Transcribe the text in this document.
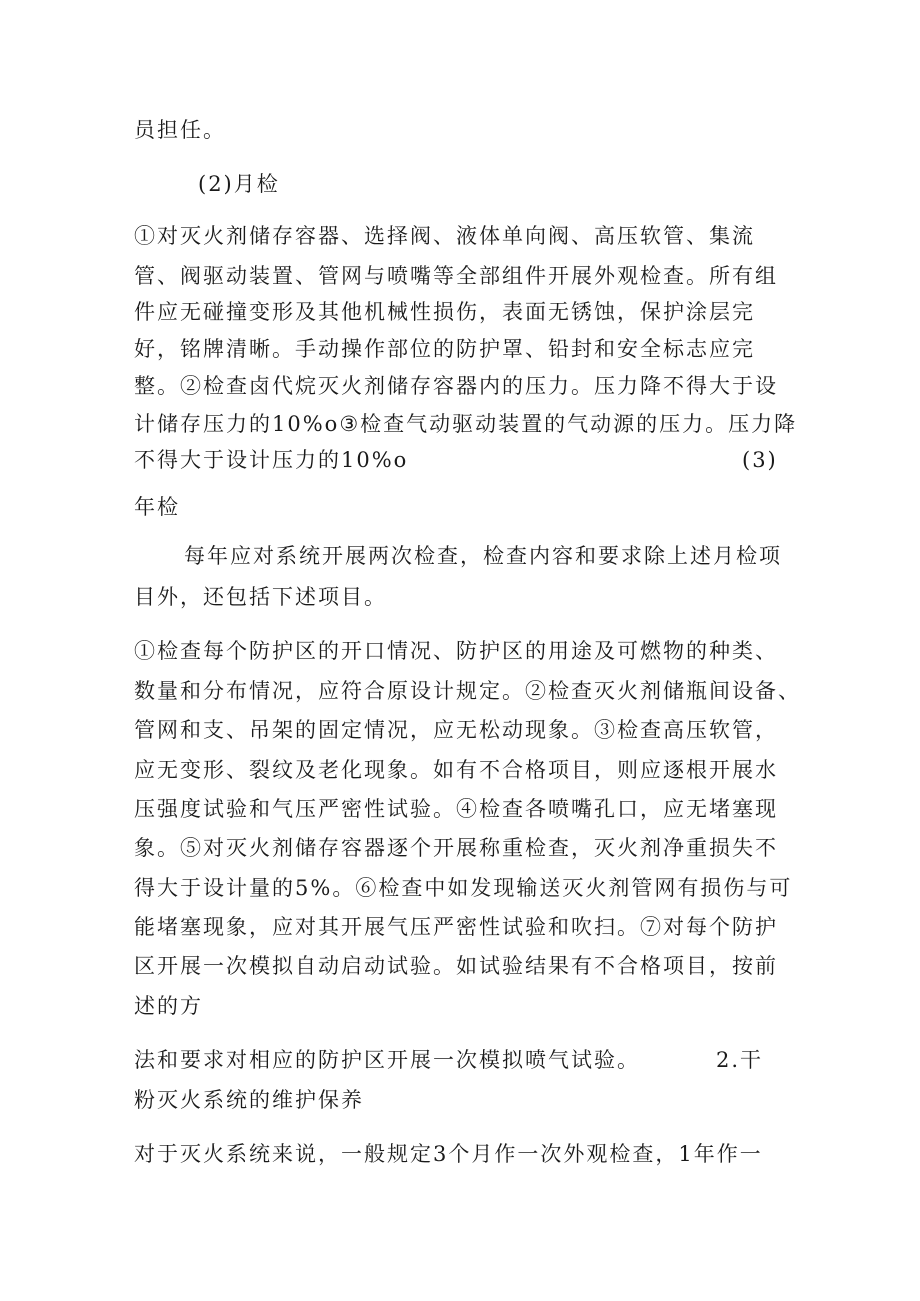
员担任。
(2)月检
①对灭火剂储存容器、选择阀、液体单向阀、高压软管、集流
管、阀驱动装置、管网与喷嘴等全部组件开展外观检查。所有组
件应无碰撞变形及其他机械性损伤，表面无锈蚀，保护涂层完
好，铭牌清晰。手动操作部位的防护罩、铅封和安全标志应完
整。②检查卤代烷灭火剂储存容器内的压力。压力降不得大于设
计储存压力的10%o③检查气动驱动装置的气动源的压力。压力降
不得大于设计压力的10%o	(3)
年检
每年应对系统开展两次检查，检查内容和要求除上述月检项
目外，还包括下述项目。
①检查每个防护区的开口情况、防护区的用途及可燃物的种类、
数量和分布情况，应符合原设计规定。②检查灭火剂储瓶间设备、
管网和支、吊架的固定情况，应无松动现象。③检查高压软管，
应无变形、裂纹及老化现象。如有不合格项目，则应逐根开展水
压强度试验和气压严密性试验。④检查各喷嘴孔口，应无堵塞现
象。⑤对灭火剂储存容器逐个开展称重检查，灭火剂净重损失不
得大于设计量的5%。⑥检查中如发现输送灭火剂管网有损伤与可
能堵塞现象，应对其开展气压严密性试验和吹扫。⑦对每个防护
区开展一次模拟自动启动试验。如试验结果有不合格项目，按前
述的方
法和要求对相应的防护区开展一次模拟喷气试验。	2.干
粉灭火系统的维护保养
对于灭火系统来说，一般规定3个月作一次外观检查，1年作一
